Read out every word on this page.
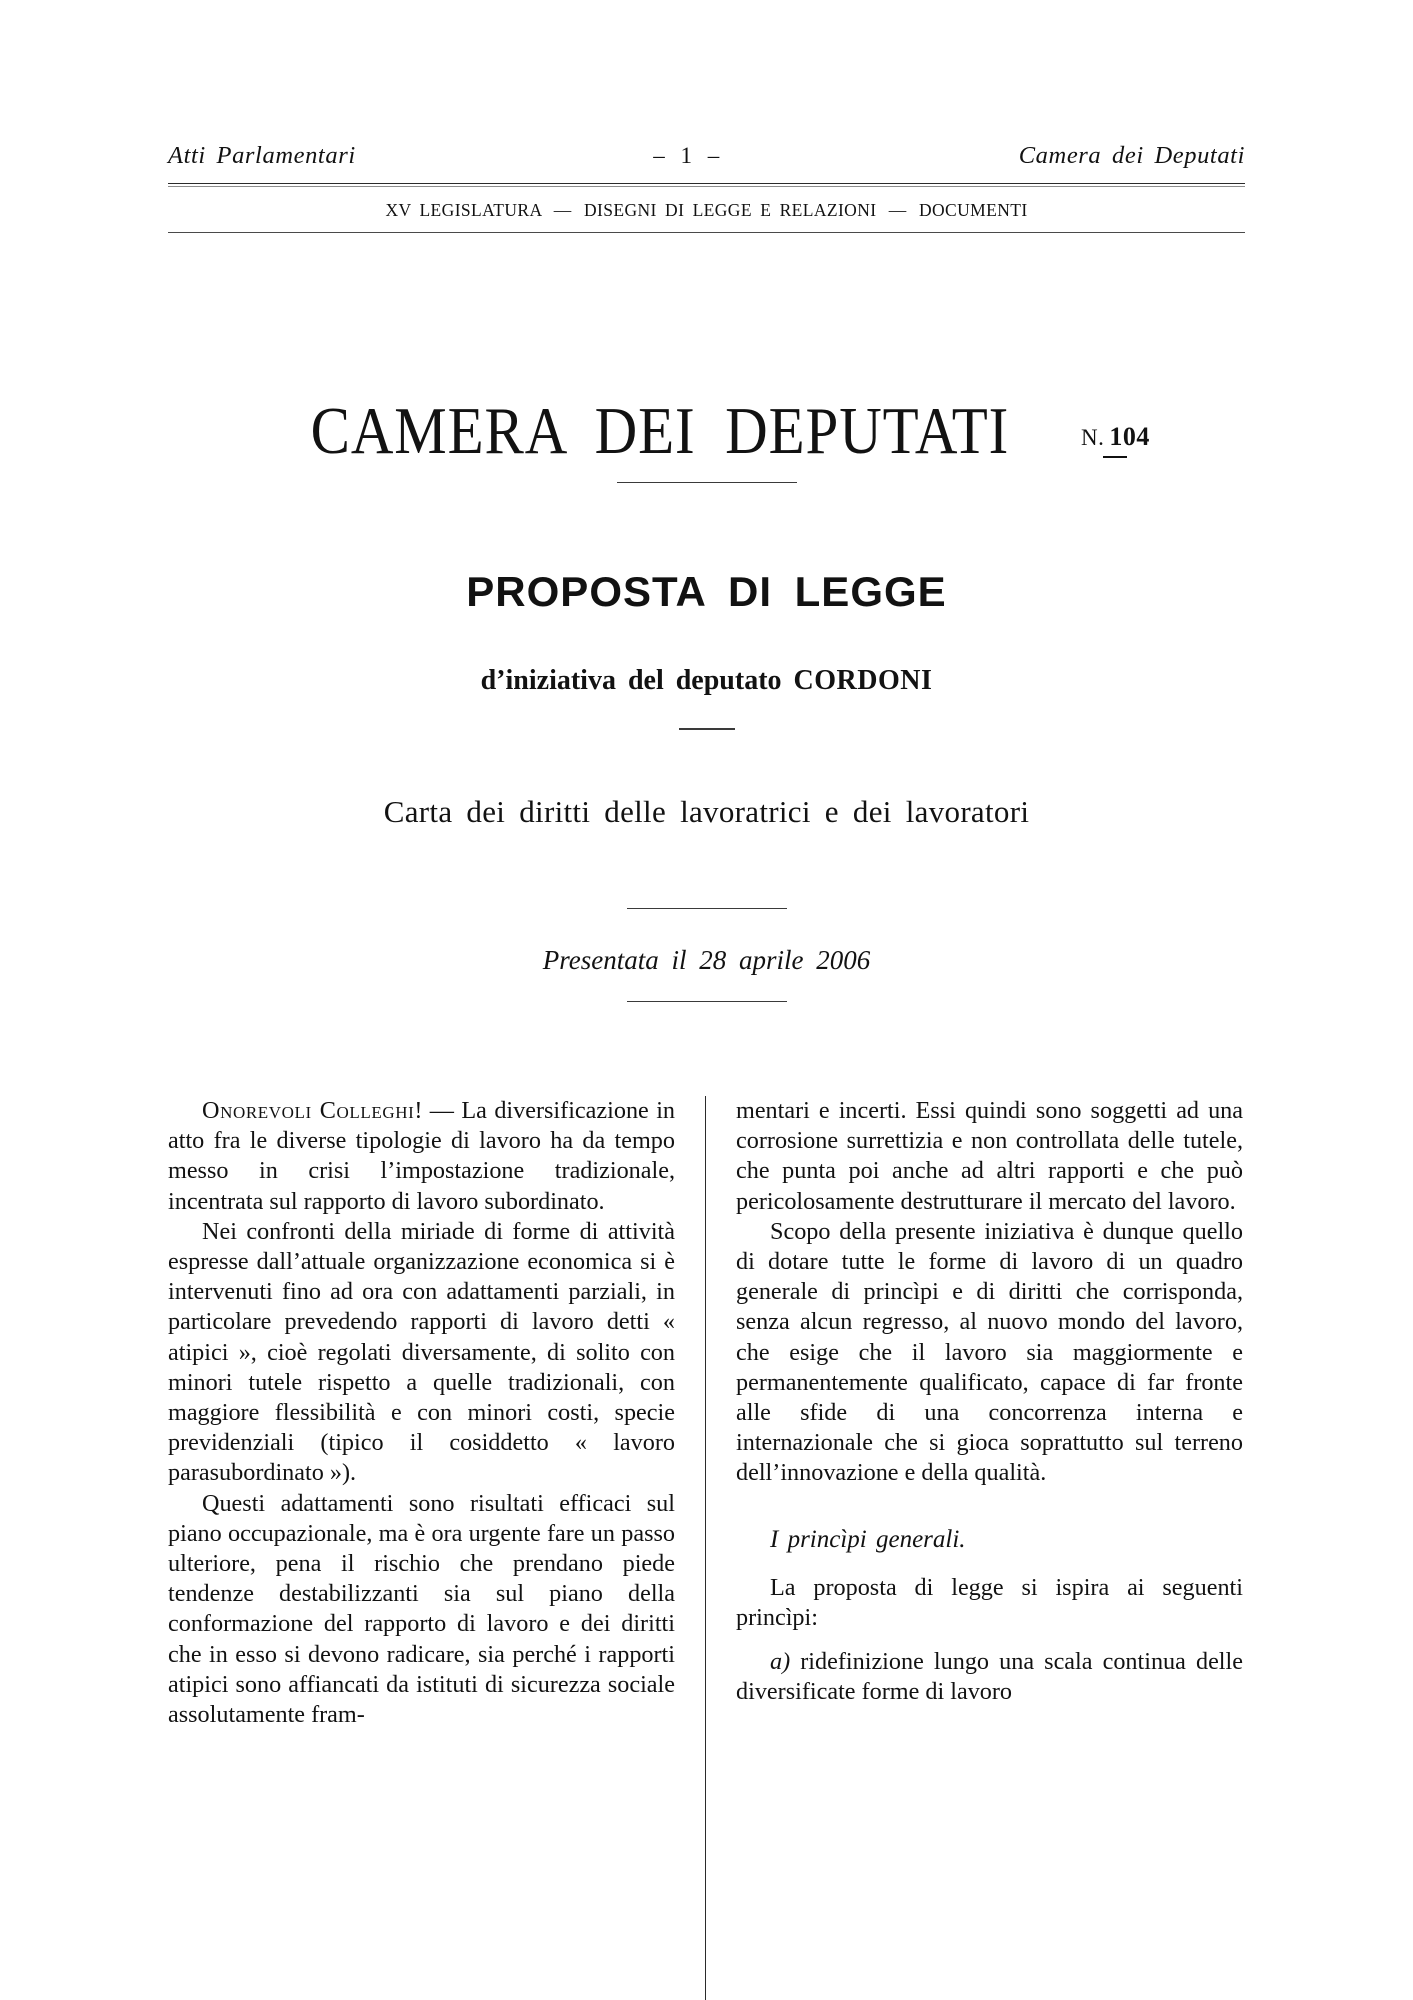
Atti Parlamentari	– 1 –	Camera dei Deputati
XV LEGISLATURA — DISEGNI DI LEGGE E RELAZIONI — DOCUMENTI
CAMERA DEI DEPUTATI	N. 104
PROPOSTA DI LEGGE
d’iniziativa del deputato CORDONI
Carta dei diritti delle lavoratrici e dei lavoratori
Presentata il 28 aprile 2006

Onorevoli Colleghi! — La diversificazione in atto fra le diverse tipologie di lavoro ha da tempo messo in crisi l’impostazione tradizionale, incentrata sul rapporto di lavoro subordinato.

Nei confronti della miriade di forme di attività espresse dall’attuale organizzazione economica si è intervenuti fino ad ora con adattamenti parziali, in particolare prevedendo rapporti di lavoro detti « atipici », cioè regolati diversamente, di solito con minori tutele rispetto a quelle tradizionali, con maggiore flessibilità e con minori costi, specie previdenziali (tipico il cosiddetto « lavoro parasubordinato »).

Questi adattamenti sono risultati efficaci sul piano occupazionale, ma è ora urgente fare un passo ulteriore, pena il rischio che prendano piede tendenze destabilizzanti sia sul piano della conformazione del rapporto di lavoro e dei diritti che in esso si devono radicare, sia perché i rapporti atipici sono affiancati da istituti di sicurezza sociale assolutamente fram-

mentari e incerti. Essi quindi sono soggetti ad una corrosione surrettizia e non controllata delle tutele, che punta poi anche ad altri rapporti e che può pericolosamente destrutturare il mercato del lavoro.

Scopo della presente iniziativa è dunque quello di dotare tutte le forme di lavoro di un quadro generale di princìpi e di diritti che corrisponda, senza alcun regresso, al nuovo mondo del lavoro, che esige che il lavoro sia maggiormente e permanentemente qualificato, capace di far fronte alle sfide di una concorrenza interna e internazionale che si gioca soprattutto sul terreno dell’innovazione e della qualità.

I princìpi generali.

La proposta di legge si ispira ai seguenti princìpi:

a) ridefinizione lungo una scala continua delle diversificate forme di lavoro
